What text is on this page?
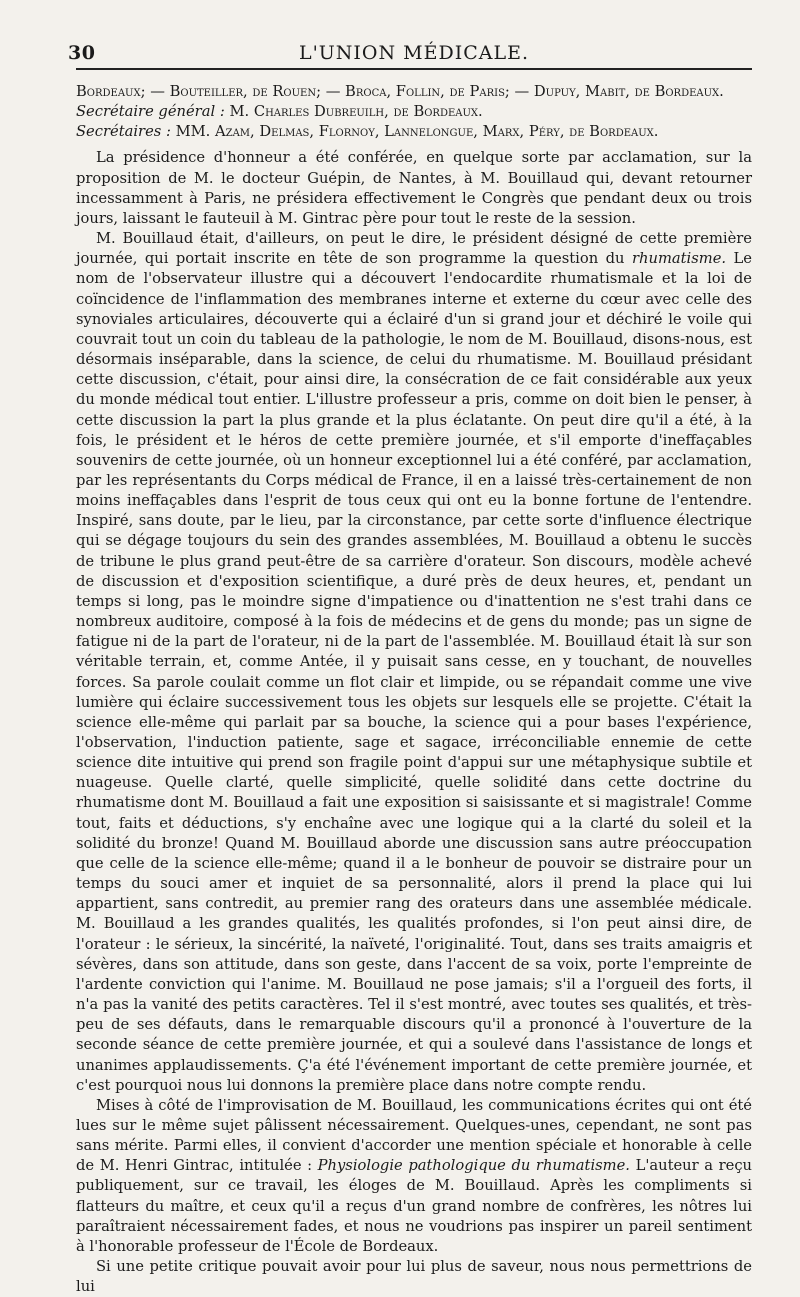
30	L'UNION MÉDICALE.

Bordeaux; — Bouteiller, de Rouen; — Broca, Follin, de Paris; — Dupuy, Mabit, de Bordeaux.

Secrétaire général : M. Charles Dubreuilh, de Bordeaux.

Secrétaires : MM. Azam, Delmas, Flornoy, Lannelongue, Marx, Péry, de Bordeaux.

La présidence d'honneur a été conférée, en quelque sorte par acclamation, sur la proposition de M. le docteur Guépin, de Nantes, à M. Bouillaud qui, devant retourner incessamment à Paris, ne présidera effectivement le Congrès que pendant deux ou trois jours, laissant le fauteuil à M. Gintrac père pour tout le reste de la session.

M. Bouillaud était, d'ailleurs, on peut le dire, le président désigné de cette première journée, qui portait inscrite en tête de son programme la question du rhumatisme. Le nom de l'observateur illustre qui a découvert l'endocardite rhumatismale et la loi de coïncidence de l'inflammation des membranes interne et externe du cœur avec celle des synoviales articulaires, découverte qui a éclairé d'un si grand jour et déchiré le voile qui couvrait tout un coin du tableau de la pathologie, le nom de M. Bouillaud, disons-nous, est désormais inséparable, dans la science, de celui du rhumatisme. M. Bouillaud présidant cette discussion, c'était, pour ainsi dire, la consécration de ce fait considérable aux yeux du monde médical tout entier. L'illustre professeur a pris, comme on doit bien le penser, à cette discussion la part la plus grande et la plus éclatante. On peut dire qu'il a été, à la fois, le président et le héros de cette première journée, et s'il emporte d'ineffaçables souvenirs de cette journée, où un honneur exceptionnel lui a été conféré, par acclamation, par les représentants du Corps médical de France, il en a laissé très-certainement de non moins ineffaçables dans l'esprit de tous ceux qui ont eu la bonne fortune de l'entendre. Inspiré, sans doute, par le lieu, par la circonstance, par cette sorte d'influence électrique qui se dégage toujours du sein des grandes assemblées, M. Bouillaud a obtenu le succès de tribune le plus grand peut-être de sa carrière d'orateur. Son discours, modèle achevé de discussion et d'exposition scientifique, a duré près de deux heures, et, pendant un temps si long, pas le moindre signe d'impatience ou d'inattention ne s'est trahi dans ce nombreux auditoire, composé à la fois de médecins et de gens du monde; pas un signe de fatigue ni de la part de l'orateur, ni de la part de l'assemblée. M. Bouillaud était là sur son véritable terrain, et, comme Antée, il y puisait sans cesse, en y touchant, de nouvelles forces. Sa parole coulait comme un flot clair et limpide, ou se répandait comme une vive lumière qui éclaire successivement tous les objets sur lesquels elle se projette. C'était la science elle-même qui parlait par sa bouche, la science qui a pour bases l'expérience, l'observation, l'induction patiente, sage et sagace, irréconciliable ennemie de cette science dite intuitive qui prend son fragile point d'appui sur une métaphysique subtile et nuageuse. Quelle clarté, quelle simplicité, quelle solidité dans cette doctrine du rhumatisme dont M. Bouillaud a fait une exposition si saisissante et si magistrale! Comme tout, faits et déductions, s'y enchaîne avec une logique qui a la clarté du soleil et la solidité du bronze! Quand M. Bouillaud aborde une discussion sans autre préoccupation que celle de la science elle-même; quand il a le bonheur de pouvoir se distraire pour un temps du souci amer et inquiet de sa personnalité, alors il prend la place qui lui appartient, sans contredit, au premier rang des orateurs dans une assemblée médicale. M. Bouillaud a les grandes qualités, les qualités profondes, si l'on peut ainsi dire, de l'orateur : le sérieux, la sincérité, la naïveté, l'originalité. Tout, dans ses traits amaigris et sévères, dans son attitude, dans son geste, dans l'accent de sa voix, porte l'empreinte de l'ardente conviction qui l'anime. M. Bouillaud ne pose jamais; s'il a l'orgueil des forts, il n'a pas la vanité des petits caractères. Tel il s'est montré, avec toutes ses qualités, et très-peu de ses défauts, dans le remarquable discours qu'il a prononcé à l'ouverture de la seconde séance de cette première journée, et qui a soulevé dans l'assistance de longs et unanimes applaudissements. Ç'a été l'événement important de cette première journée, et c'est pourquoi nous lui donnons la première place dans notre compte rendu.

Mises à côté de l'improvisation de M. Bouillaud, les communications écrites qui ont été lues sur le même sujet pâlissent nécessairement. Quelques-unes, cependant, ne sont pas sans mérite. Parmi elles, il convient d'accorder une mention spéciale et honorable à celle de M. Henri Gintrac, intitulée : Physiologie pathologique du rhumatisme. L'auteur a reçu publiquement, sur ce travail, les éloges de M. Bouillaud. Après les compliments si flatteurs du maître, et ceux qu'il a reçus d'un grand nombre de confrères, les nôtres lui paraîtraient nécessairement fades, et nous ne voudrions pas inspirer un pareil sentiment à l'honorable professeur de l'École de Bordeaux.

Si une petite critique pouvait avoir pour lui plus de saveur, nous nous permettrions de lui
